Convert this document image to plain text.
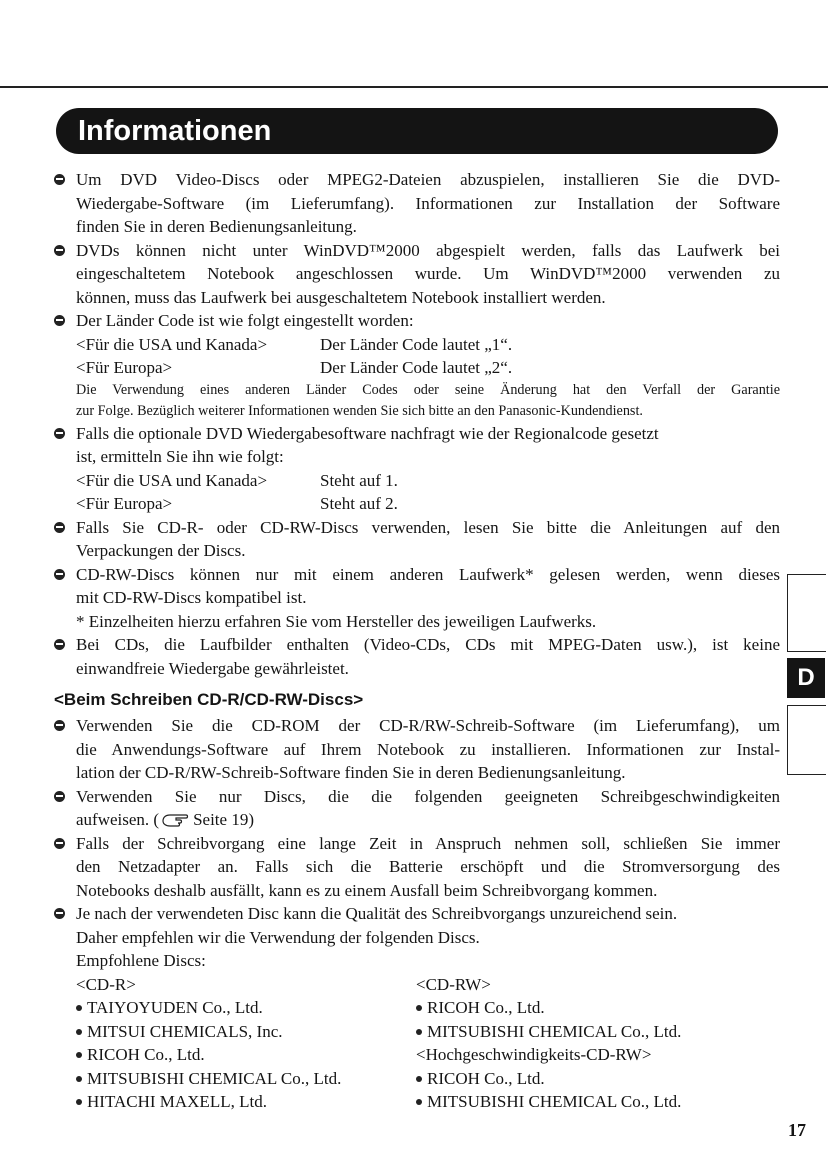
Informationen
Um DVD Video-Discs oder MPEG2-Dateien abzuspielen, installieren Sie die DVD-
Wiedergabe-Software (im Lieferumfang). Informationen zur Installation der Software
finden Sie in deren Bedienungsanleitung.
DVDs können nicht unter WinDVD™2000 abgespielt werden, falls das Laufwerk bei
eingeschaltetem Notebook angeschlossen wurde. Um WinDVD™2000 verwenden zu
können, muss das Laufwerk bei ausgeschaltetem Notebook installiert werden.
Der Länder Code ist wie folgt eingestellt worden:
<Für die USA und Kanada>	Der Länder Code lautet „1“.
<Für Europa>	Der Länder Code lautet „2“.
Die Verwendung eines anderen Länder Codes oder seine Änderung hat den Verfall der Garantie
zur Folge. Bezüglich weiterer Informationen wenden Sie sich bitte an den Panasonic-Kundendienst.
Falls die optionale DVD Wiedergabesoftware nachfragt wie der Regionalcode gesetzt
ist, ermitteln Sie ihn wie folgt:
<Für die USA und Kanada>	Steht auf 1.
<Für Europa>	Steht auf 2.
Falls Sie CD-R- oder CD-RW-Discs verwenden, lesen Sie bitte die Anleitungen auf den
Verpackungen der Discs.
CD-RW-Discs können nur mit einem anderen Laufwerk* gelesen werden, wenn dieses
mit CD-RW-Discs kompatibel ist.
* Einzelheiten hierzu erfahren Sie vom Hersteller des jeweiligen Laufwerks.
Bei CDs, die Laufbilder enthalten (Video-CDs, CDs mit MPEG-Daten usw.), ist keine
einwandfreie Wiedergabe gewährleistet.
<Beim Schreiben CD-R/CD-RW-Discs>
Verwenden Sie die CD-ROM der CD-R/RW-Schreib-Software (im Lieferumfang), um
die Anwendungs-Software auf Ihrem Notebook zu installieren. Informationen zur Instal-
lation der CD-R/RW-Schreib-Software finden Sie in deren Bedienungsanleitung.
Verwenden Sie nur Discs, die die folgenden geeigneten Schreibgeschwindigkeiten
aufweisen. ( Seite 19)
Falls der Schreibvorgang eine lange Zeit in Anspruch nehmen soll, schließen Sie immer
den Netzadapter an. Falls sich die Batterie erschöpft und die Stromversorgung des
Notebooks deshalb ausfällt, kann es zu einem Ausfall beim Schreibvorgang kommen.
Je nach der verwendeten Disc kann die Qualität des Schreibvorgangs unzureichend sein.
Daher empfehlen wir die Verwendung der folgenden Discs.
Empfohlene Discs:
<CD-R>
TAIYOYUDEN Co., Ltd.
MITSUI CHEMICALS, Inc.
RICOH Co., Ltd.
MITSUBISHI CHEMICAL Co., Ltd.
HITACHI MAXELL, Ltd.
<CD-RW>
RICOH Co., Ltd.
MITSUBISHI CHEMICAL Co., Ltd.
<Hochgeschwindigkeits-CD-RW>
RICOH Co., Ltd.
MITSUBISHI CHEMICAL Co., Ltd.
D
17
